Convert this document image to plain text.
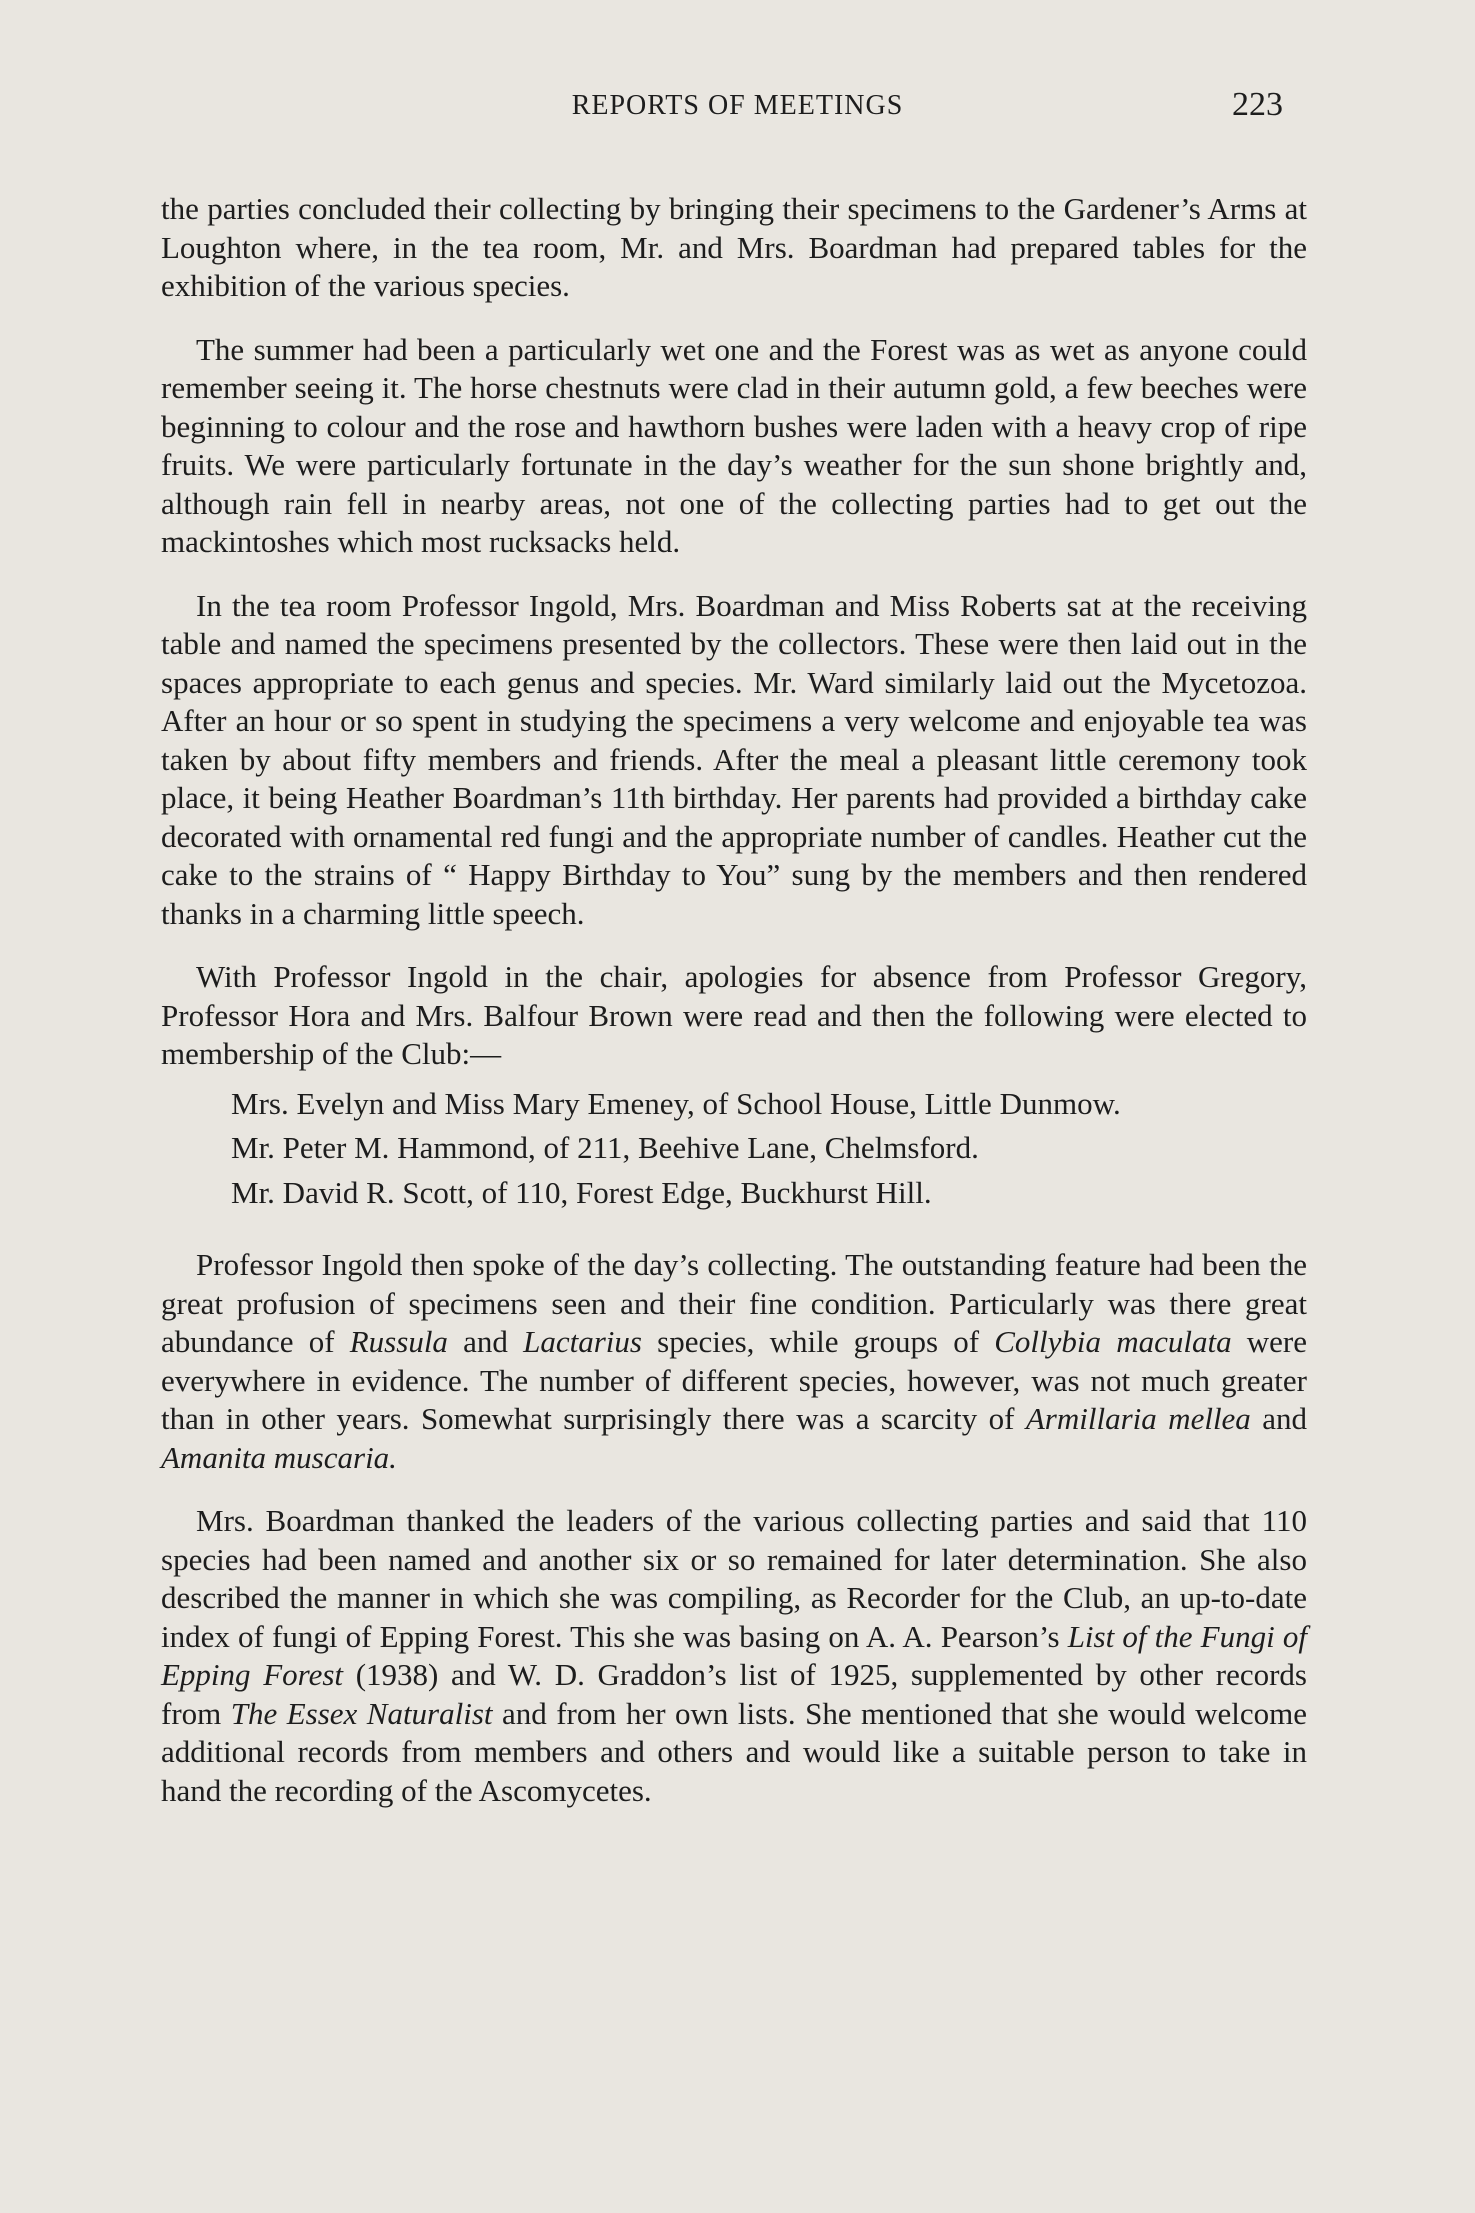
REPORTS OF MEETINGS	223

the parties concluded their collecting by bringing their specimens to the Gardener’s Arms at Loughton where, in the tea room, Mr. and Mrs. Boardman had prepared tables for the exhibition of the various species.

The summer had been a particularly wet one and the Forest was as wet as anyone could remember seeing it. The horse chestnuts were clad in their autumn gold, a few beeches were beginning to colour and the rose and hawthorn bushes were laden with a heavy crop of ripe fruits. We were particularly fortunate in the day’s weather for the sun shone brightly and, although rain fell in nearby areas, not one of the collecting parties had to get out the mackintoshes which most rucksacks held.

In the tea room Professor Ingold, Mrs. Boardman and Miss Roberts sat at the receiving table and named the specimens presented by the collectors. These were then laid out in the spaces appropriate to each genus and species. Mr. Ward similarly laid out the Mycetozoa. After an hour or so spent in studying the specimens a very welcome and enjoyable tea was taken by about fifty members and friends. After the meal a pleasant little ceremony took place, it being Heather Boardman’s 11th birthday. Her parents had provided a birthday cake decorated with ornamental red fungi and the appropriate number of candles. Heather cut the cake to the strains of “ Happy Birthday to You” sung by the members and then rendered thanks in a charming little speech.

With Professor Ingold in the chair, apologies for absence from Professor Gregory, Professor Hora and Mrs. Balfour Brown were read and then the following were elected to membership of the Club:—

Mrs. Evelyn and Miss Mary Emeney, of School House, Little Dunmow.

Mr. Peter M. Hammond, of 211, Beehive Lane, Chelmsford.

Mr. David R. Scott, of 110, Forest Edge, Buckhurst Hill.

Professor Ingold then spoke of the day’s collecting. The outstanding feature had been the great profusion of specimens seen and their fine condition. Particularly was there great abundance of Russula and Lactarius species, while groups of Collybia maculata were everywhere in evidence. The number of different species, however, was not much greater than in other years. Somewhat surprisingly there was a scarcity of Armillaria mellea and Amanita muscaria.

Mrs. Boardman thanked the leaders of the various collecting parties and said that 110 species had been named and another six or so remained for later determination. She also described the manner in which she was compiling, as Recorder for the Club, an up-to-date index of fungi of Epping Forest. This she was basing on A. A. Pearson’s List of the Fungi of Epping Forest (1938) and W. D. Graddon’s list of 1925, supplemented by other records from The Essex Naturalist and from her own lists. She mentioned that she would welcome additional records from members and others and would like a suitable person to take in hand the recording of the Ascomycetes.
